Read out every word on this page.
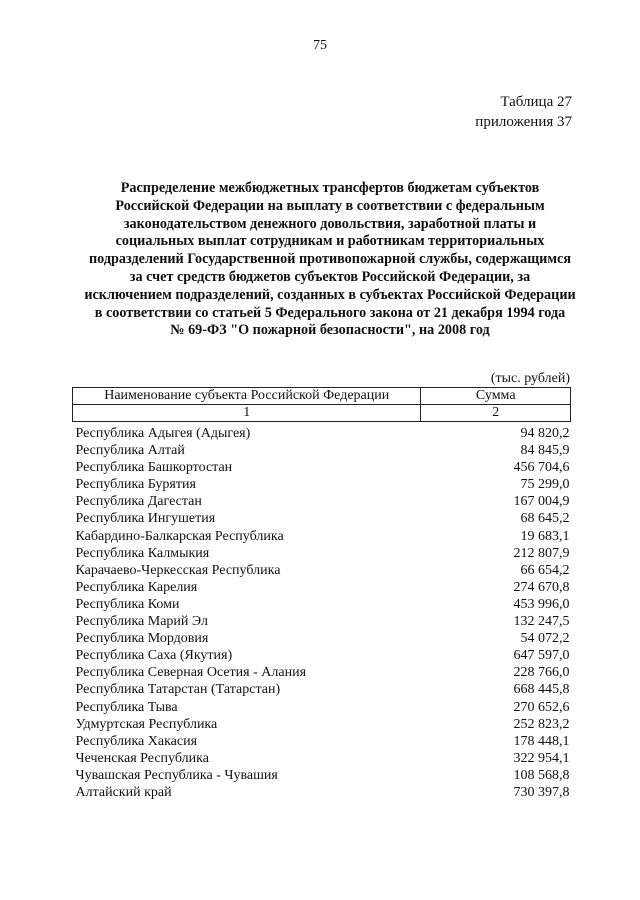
75
Таблица 27
приложения 37
Распределение межбюджетных трансфертов бюджетам субъектов
Российской Федерации на выплату в соответствии с федеральным
законодательством денежного довольствия, заработной платы и
социальных выплат сотрудникам и работникам территориальных
подразделений Государственной противопожарной службы, содержащимся
за счет средств бюджетов субъектов Российской Федерации, за
исключением подразделений, созданных в субъектах Российской Федерации
в соответствии со статьей 5 Федерального закона от 21 декабря 1994 года
№ 69-ФЗ "О пожарной безопасности", на 2008 год
(тыс. рублей)
Наименование субъекта Российской Федерации	Сумма
1	2
Республика Адыгея (Адыгея)	94 820,2
Республика Алтай	84 845,9
Республика Башкортостан	456 704,6
Республика Бурятия	75 299,0
Республика Дагестан	167 004,9
Республика Ингушетия	68 645,2
Кабардино-Балкарская Республика	19 683,1
Республика Калмыкия	212 807,9
Карачаево-Черкесская Республика	66 654,2
Республика Карелия	274 670,8
Республика Коми	453 996,0
Республика Марий Эл	132 247,5
Республика Мордовия	54 072,2
Республика Саха (Якутия)	647 597,0
Республика Северная Осетия - Алания	228 766,0
Республика Татарстан (Татарстан)	668 445,8
Республика Тыва	270 652,6
Удмуртская Республика	252 823,2
Республика Хакасия	178 448,1
Чеченская Республика	322 954,1
Чувашская Республика - Чувашия	108 568,8
Алтайский край	730 397,8
